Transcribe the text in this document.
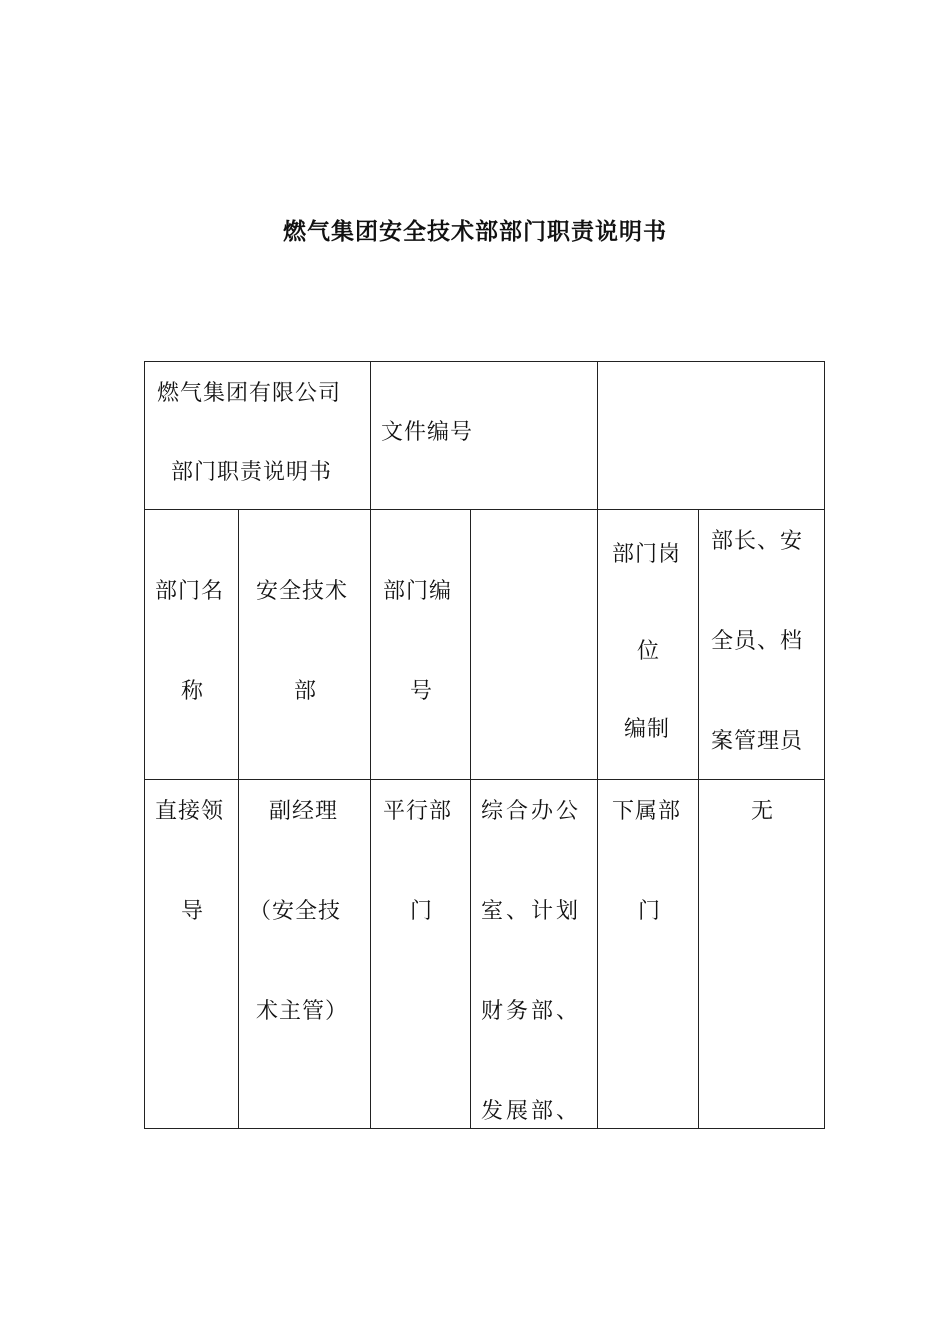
燃气集团安全技术部部门职责说明书
燃气集团有限公司
部门职责说明书
文件编号
部门名
称
安全技术
部
部门编
号
部门岗
位
编制
部长、安
全员、档
案管理员
直接领
导
副经理
（安全技
术主管）
平行部
门
综合办公
室、计划
财务部、
发展部、
下属部
门
无
